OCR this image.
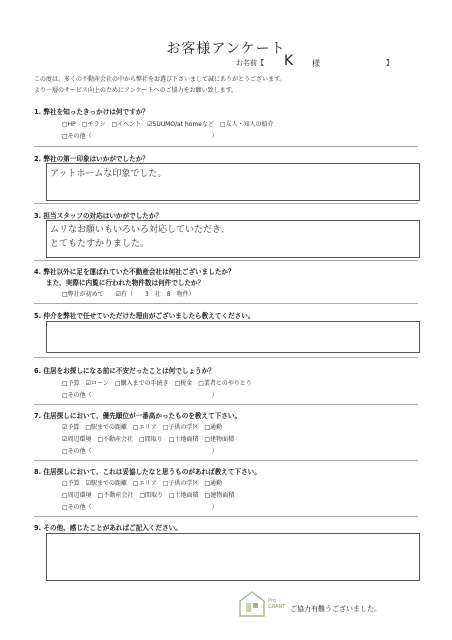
お客様アンケート
お名前【 K 様	】
この度は、多くの不動産会社の中から弊社をお選び下さいまして誠にありがとうございます。
より一層のサービス向上のためにアンケートへのご協力をお願い致します。
1. 弊社を知ったきっかけは何ですか？
□HP　□チラシ　□イベント　☑SUUMO/at homeなど　□友人・知人の紹介
□その他（　　　　　　　　　　　　　　　　　　　　）
2. 弊社の第一印象はいかがでしたか？
アットホームな印象でした。
3. 担当スタッフの対応はいかがでしたか？
ムリなお願いもいろいろ対応していただき、
とてもたすかりました。
4. 弊社以外に足を運ばれていた不動産会社は何社ございましたか？
また、実際に内覧に行われた物件数は何件でしたか？
□弊社が初めて　　☑有（　　3　社　8　物件）
5. 仲介を弊社で任せていただけた理由がございましたら教えてください。
6. 住居をお探しになる前に不安だったことは何でしょうか？
□予算　☑ローン　□購入までの手続き　□税金　□業者とのやりとり
□その他（　　　　　　　　　　　　　　　　　　　　）
7. 住居探しにおいて、優先順位が一番高かったものを教えて下さい。
☑予算　□駅までの距離　□エリア　□子供の学区　□通勤
☑周辺環境　□不動産会社　□間取り　□土地面積　□建物面積
□その他（　　　　　　　　　　　　　　　　　　　　）
8. 住居探しにおいて、これは妥協したなと思うものがあれば教えて下さい。
□予算　☑駅までの距離　□エリア　□子供の学区　□通勤
□周辺環境　□不動産会社　□間取り　□土地面積　□建物面積
□その他（　　　　　　　　　　　　　　　　　　　　）
9. その他、感じたことがあればご記入ください。
Pro
GRANT ご協力有難うございました。
